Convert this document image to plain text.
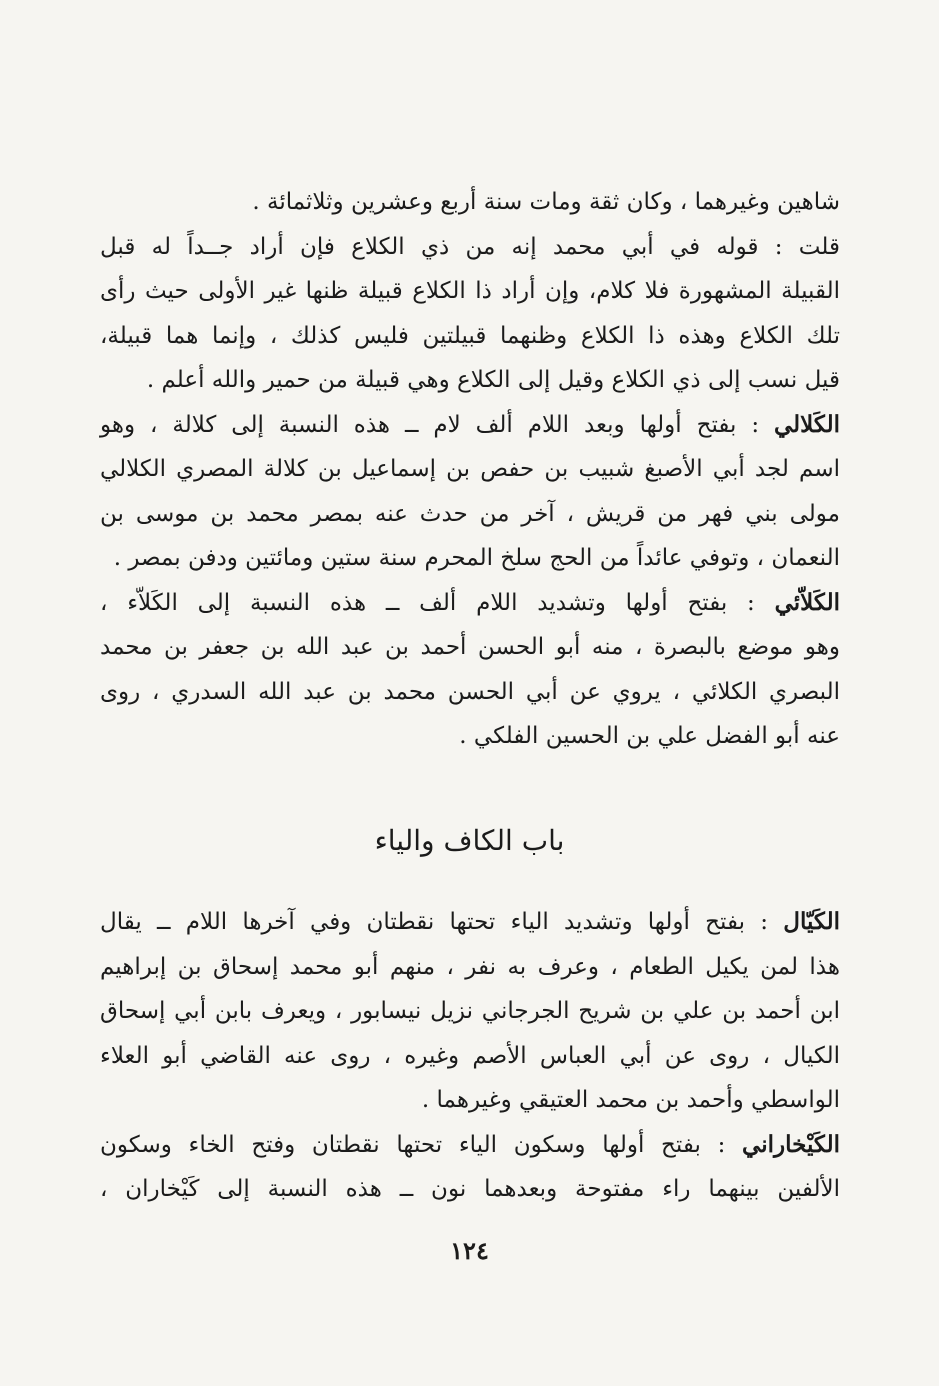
شاهين وغيرهما ، وكان ثقة ومات سنة أربع وعشرين وثلاثمائة .

قلت : قوله في أبي محمد إنه من ذي الكلاع فإن أراد جــداً له قبل
القبيلة المشهورة فلا كلام، وإن أراد ذا الكلاع قبيلة ظنها غير الأولى حيث رأى
تلك الكلاع وهذه ذا الكلاع وظنهما قبيلتين فليس كذلك ، وإنما هما قبيلة،
قيل نسب إلى ذي الكلاع وقيل إلى الكلاع وهي قبيلة من حمير والله أعلم .

الكَلالي : بفتح أولها وبعد اللام ألف لام ــ هذه النسبة إلى كلالة ، وهو
اسم لجد أبي الأصبغ شبيب بن حفص بن إسماعيل بن كلالة المصري الكلالي
مولى بني فهر من قريش ، آخر من حدث عنه بمصر محمد بن موسى بن
النعمان ، وتوفي عائداً من الحج سلخ المحرم سنة ستين ومائتين ودفن بمصر .

الكَلاّئي : بفتح أولها وتشديد اللام ألف ــ هذه النسبة إلى الكَلاّء ،
وهو موضع بالبصرة ، منه أبو الحسن أحمد بن عبد الله بن جعفر بن محمد
البصري الكلائي ، يروي عن أبي الحسن محمد بن عبد الله السدري ، روى
عنه أبو الفضل علي بن الحسين الفلكي .

باب الكاف والياء

الكَيّال : بفتح أولها وتشديد الياء تحتها نقطتان وفي آخرها اللام ــ يقال
هذا لمن يكيل الطعام ، وعرف به نفر ، منهم أبو محمد إسحاق بن إبراهيم
ابن أحمد بن علي بن شريح الجرجاني نزيل نيسابور ، ويعرف بابن أبي إسحاق
الكيال ، روى عن أبي العباس الأصم وغيره ، روى عنه القاضي أبو العلاء
الواسطي وأحمد بن محمد العتيقي وغيرهما .

الكَيْخاراني : بفتح أولها وسكون الياء تحتها نقطتان وفتح الخاء وسكون
الألفين بينهما راء مفتوحة وبعدهما نون ــ هذه النسبة إلى كَيْخاران ،

١٢٤
